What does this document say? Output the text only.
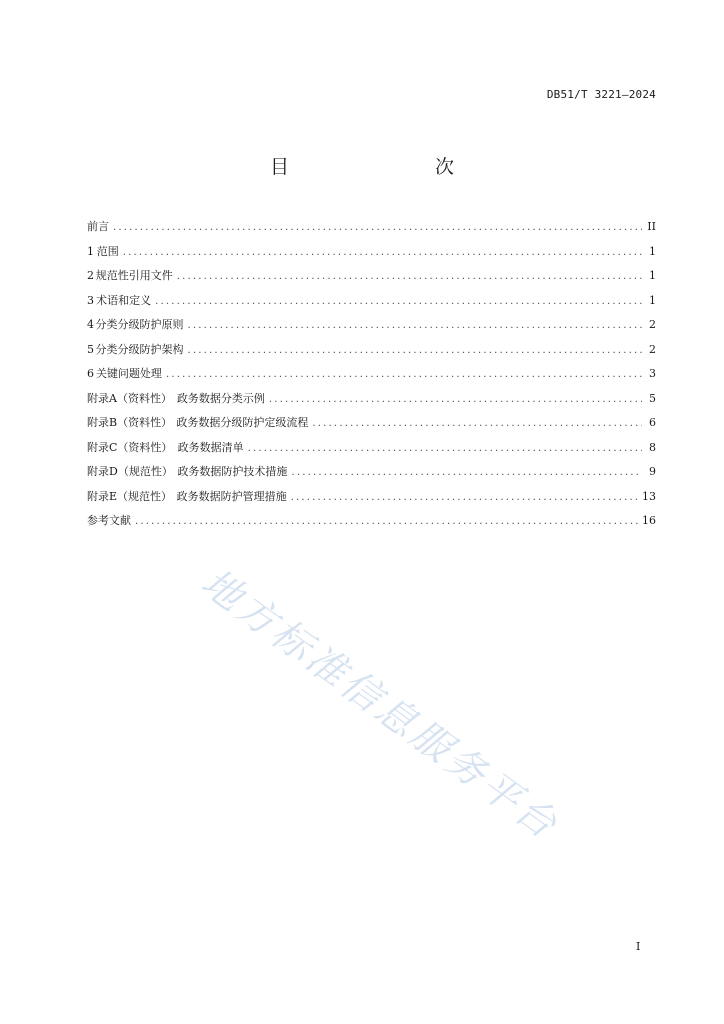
DB51/T 3221—2024
目　　次
前言 .....	II
1 范围 .....	1
2 规范性引用文件 .....	1
3 术语和定义 .....	1
4 分类分级防护原则 .....	2
5 分类分级防护架构 .....	2
6 关键问题处理 .....	3
附录A（资料性） 政务数据分类示例 .....	5
附录B（资料性） 政务数据分级防护定级流程 .....	6
附录C（资料性） 政务数据清单 .....	8
附录D（规范性） 政务数据防护技术措施 .....	9
附录E（规范性） 政务数据防护管理措施 .....	13
参考文献 .....	16
地方标准信息服务平台
I
